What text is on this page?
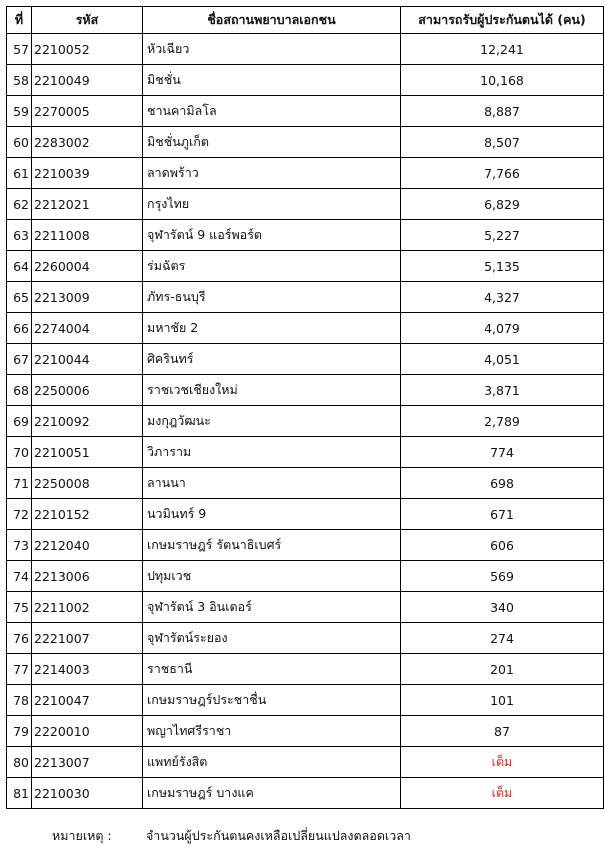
ที่	รหัส	ชื่อสถานพยาบาลเอกชน	สามารถรับผู้ประกันตนได้ (คน)
57	2210052	หัวเฉียว	12,241
58	2210049	มิชชั่น	10,168
59	2270005	ชานคามิลโล	8,887
60	2283002	มิชชั่นภูเก็ต	8,507
61	2210039	ลาดพร้าว	7,766
62	2212021	กรุงไทย	6,829
63	2211008	จุฬารัตน์ 9 แอร์พอร์ต	5,227
64	2260004	ร่มฉัตร	5,135
65	2213009	ภัทร-ธนบุรี	4,327
66	2274004	มหาชัย 2	4,079
67	2210044	ศิครินทร์	4,051
68	2250006	ราชเวชเชียงใหม่	3,871
69	2210092	มงกุฎวัฒนะ	2,789
70	2210051	วิภาราม	774
71	2250008	ลานนา	698
72	2210152	นวมินทร์ 9	671
73	2212040	เกษมราษฎร์ รัตนาธิเบศร์	606
74	2213006	ปทุมเวช	569
75	2211002	จุฬารัตน์ 3 อินเตอร์	340
76	2221007	จุฬารัตน์ระยอง	274
77	2214003	ราชธานี	201
78	2210047	เกษมราษฎร์ประชาชื่น	101
79	2220010	พญาไทศรีราชา	87
80	2213007	แพทย์รังสิต	เต็ม
81	2210030	เกษมราษฎร์ บางแค	เต็ม
หมายเหตุ :	จำนวนผู้ประกันตนคงเหลือเปลี่ยนแปลงตลอดเวลา
